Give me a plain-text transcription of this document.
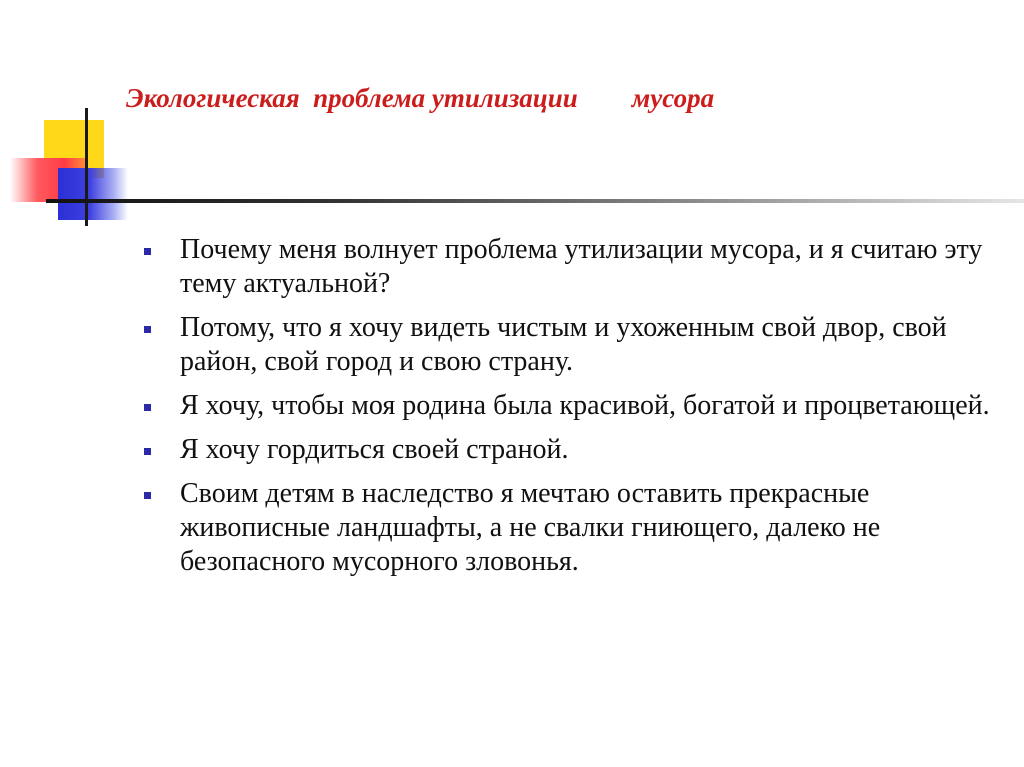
Экологическая  проблема утилизации        мусора
Почему меня волнует проблема утилизации мусора, и я считаю эту тему актуальной?
Потому, что я хочу видеть чистым и ухоженным свой двор, свой район, свой город и свою страну.
Я хочу, чтобы моя родина была красивой, богатой и процветающей.
Я хочу гордиться своей страной.
Своим детям в наследство я мечтаю оставить прекрасные живописные ландшафты, а не свалки гниющего, далеко не безопасного мусорного зловонья.
